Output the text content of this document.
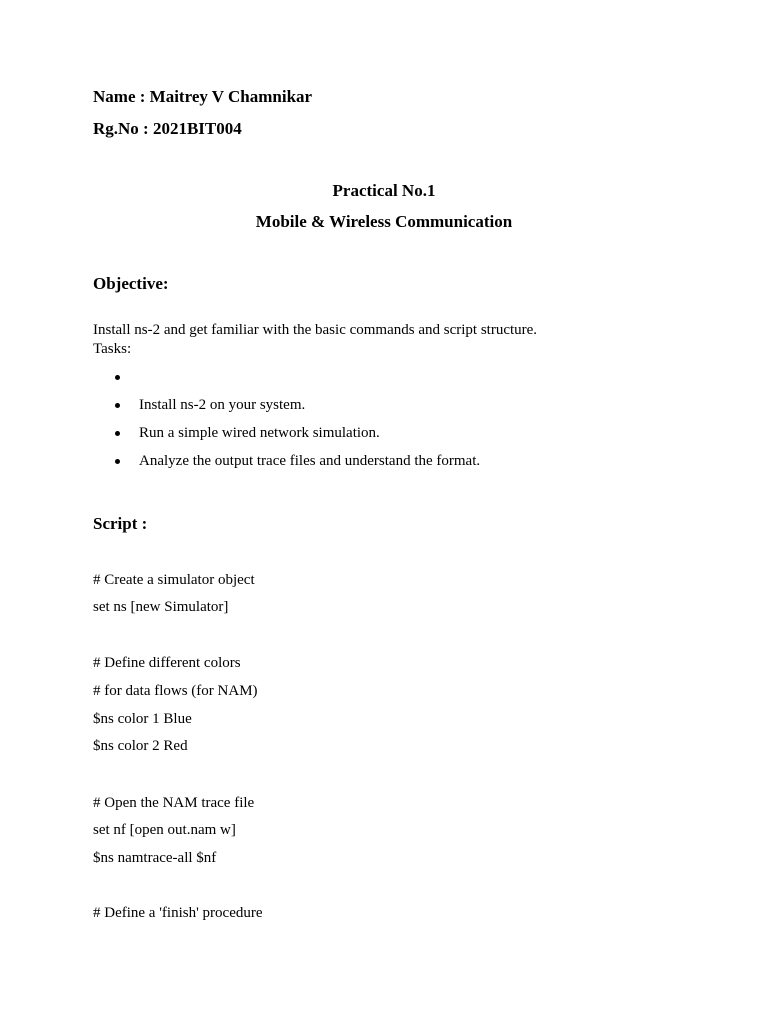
Name : Maitrey V Chamnikar
Rg.No : 2021BIT004
Practical No.1
Mobile & Wireless Communication
Objective:
Install ns-2 and get familiar with the basic commands and script structure.
Tasks:
Install ns-2 on your system.
Run a simple wired network simulation.
Analyze the output trace files and understand the format.
Script :
# Create a simulator object
set ns [new Simulator]
# Define different colors
# for data flows (for NAM)
$ns color 1 Blue
$ns color 2 Red
# Open the NAM trace file
set nf [open out.nam w]
$ns namtrace-all $nf
# Define a 'finish' procedure
